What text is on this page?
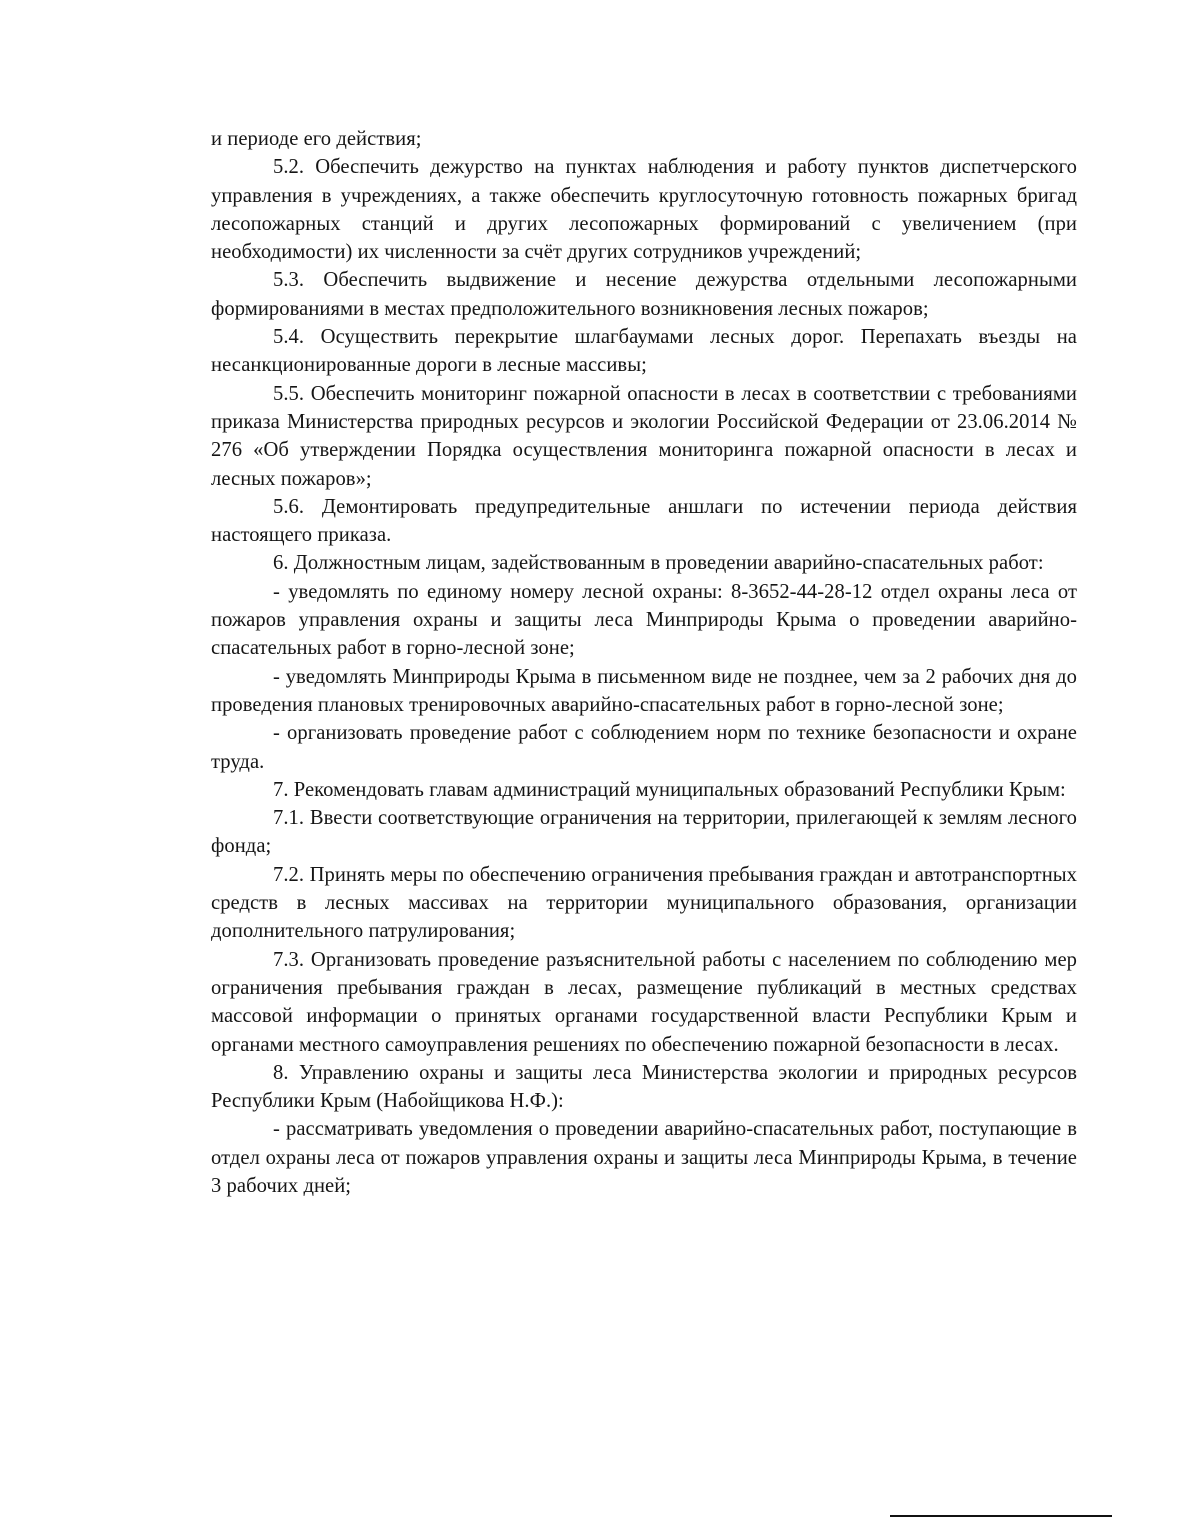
и периоде его действия;

5.2. Обеспечить дежурство на пунктах наблюдения и работу пунктов диспетчерского управления в учреждениях, а также обеспечить круглосуточную готовность пожарных бригад лесопожарных станций и других лесопожарных формирований с увеличением (при необходимости) их численности за счёт других сотрудников учреждений;

5.3. Обеспечить выдвижение и несение дежурства отдельными лесопожарными формированиями в местах предположительного возникновения лесных пожаров;

5.4. Осуществить перекрытие шлагбаумами лесных дорог. Перепахать въезды на несанкционированные дороги в лесные массивы;

5.5. Обеспечить мониторинг пожарной опасности в лесах в соответствии с требованиями приказа Министерства природных ресурсов и экологии Российской Федерации от 23.06.2014 № 276 «Об утверждении Порядка осуществления мониторинга пожарной опасности в лесах и лесных пожаров»;

5.6. Демонтировать предупредительные аншлаги по истечении периода действия настоящего приказа.

6. Должностным лицам, задействованным в проведении аварийно-спасательных работ:

- уведомлять по единому номеру лесной охраны: 8-3652-44-28-12 отдел охраны леса от пожаров управления охраны и защиты леса Минприроды Крыма о проведении аварийно-спасательных работ в горно-лесной зоне;

- уведомлять Минприроды Крыма в письменном виде не позднее, чем за 2 рабочих дня до проведения плановых тренировочных аварийно-спасательных работ в горно-лесной зоне;

- организовать проведение работ с соблюдением норм по технике безопасности и охране труда.

7. Рекомендовать главам администраций муниципальных образований Республики Крым:

7.1. Ввести соответствующие ограничения на территории, прилегающей к землям лесного фонда;

7.2. Принять меры по обеспечению ограничения пребывания граждан и автотранспортных средств в лесных массивах на территории муниципального образования, организации дополнительного патрулирования;

7.3. Организовать проведение разъяснительной работы с населением по соблюдению мер ограничения пребывания граждан в лесах, размещение публикаций в местных средствах массовой информации о принятых органами государственной власти Республики Крым и органами местного самоуправления решениях по обеспечению пожарной безопасности в лесах.

8. Управлению охраны и защиты леса Министерства экологии и природных ресурсов Республики Крым (Набойщикова Н.Ф.):

- рассматривать уведомления о проведении аварийно-спасательных работ, поступающие в отдел охраны леса от пожаров управления охраны и защиты леса Минприроды Крыма, в течение 3 рабочих дней;
